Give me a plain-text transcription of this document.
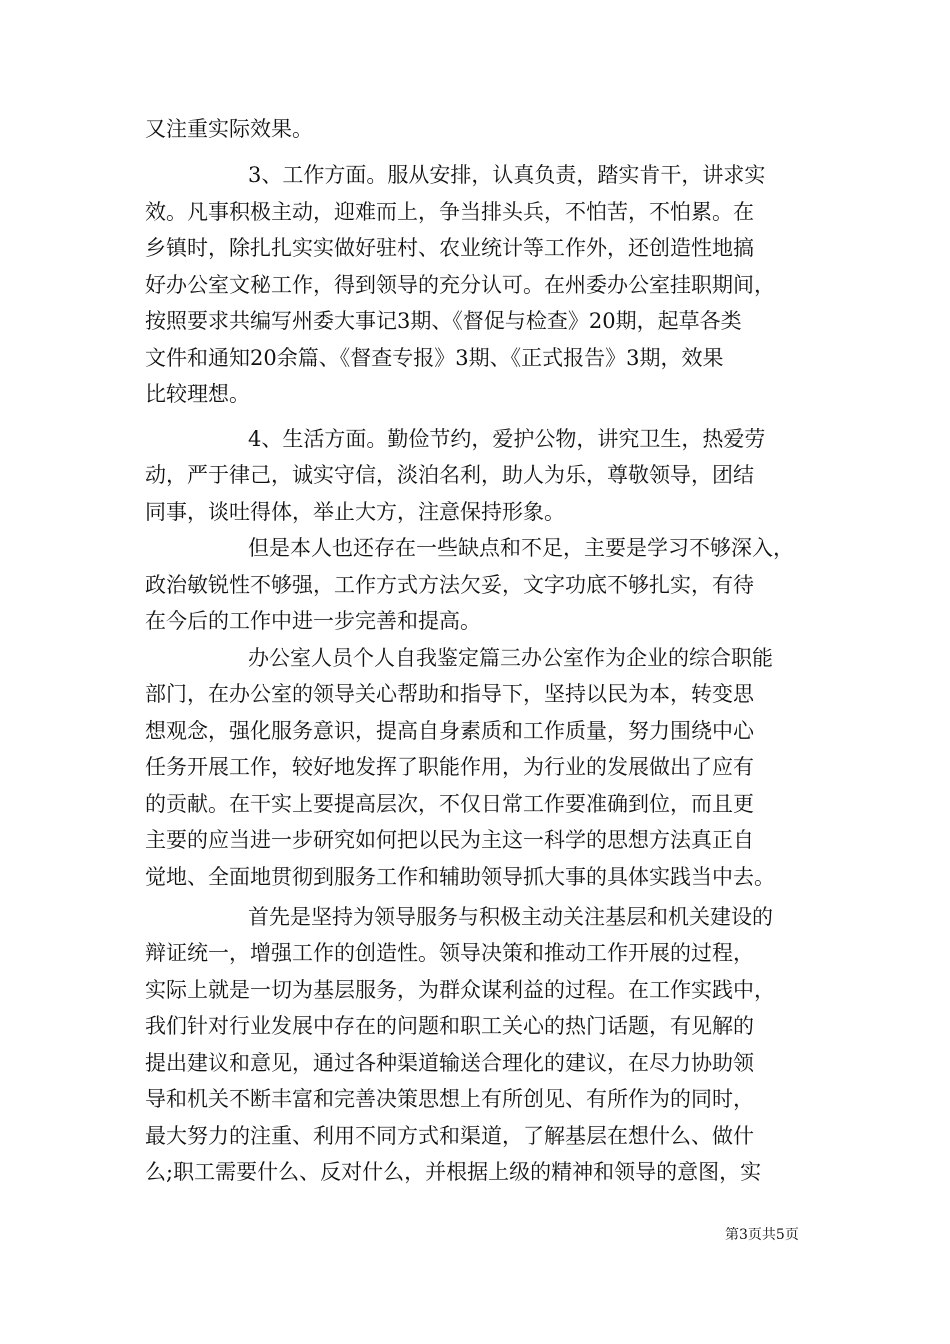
又注重实际效果。
3、工作方面。服从安排，认真负责，踏实肯干，讲求实
效。凡事积极主动，迎难而上，争当排头兵，不怕苦，不怕累。在
乡镇时，除扎扎实实做好驻村、农业统计等工作外，还创造性地搞
好办公室文秘工作，得到领导的充分认可。在州委办公室挂职期间，
按照要求共编写州委大事记3期、《督促与检查》20期，起草各类
文件和通知20余篇、《督查专报》3期、《正式报告》3期，效果
比较理想。
4、生活方面。勤俭节约，爱护公物，讲究卫生，热爱劳
动，严于律己，诚实守信，淡泊名利，助人为乐，尊敬领导，团结
同事，谈吐得体，举止大方，注意保持形象。
但是本人也还存在一些缺点和不足，主要是学习不够深入，
政治敏锐性不够强，工作方式方法欠妥，文字功底不够扎实，有待
在今后的工作中进一步完善和提高。
办公室人员个人自我鉴定篇三办公室作为企业的综合职能
部门，在办公室的领导关心帮助和指导下，坚持以民为本，转变思
想观念，强化服务意识，提高自身素质和工作质量，努力围绕中心
任务开展工作，较好地发挥了职能作用，为行业的发展做出了应有
的贡献。在干实上要提高层次，不仅日常工作要准确到位，而且更
主要的应当进一步研究如何把以民为主这一科学的思想方法真正自
觉地、全面地贯彻到服务工作和辅助领导抓大事的具体实践当中去。
首先是坚持为领导服务与积极主动关注基层和机关建设的
辩证统一，增强工作的创造性。领导决策和推动工作开展的过程，
实际上就是一切为基层服务，为群众谋利益的过程。在工作实践中，
我们针对行业发展中存在的问题和职工关心的热门话题，有见解的
提出建议和意见，通过各种渠道输送合理化的建议，在尽力协助领
导和机关不断丰富和完善决策思想上有所创见、有所作为的同时，
最大努力的注重、利用不同方式和渠道，了解基层在想什么、做什
么;职工需要什么、反对什么，并根据上级的精神和领导的意图，实
第3页共5页
